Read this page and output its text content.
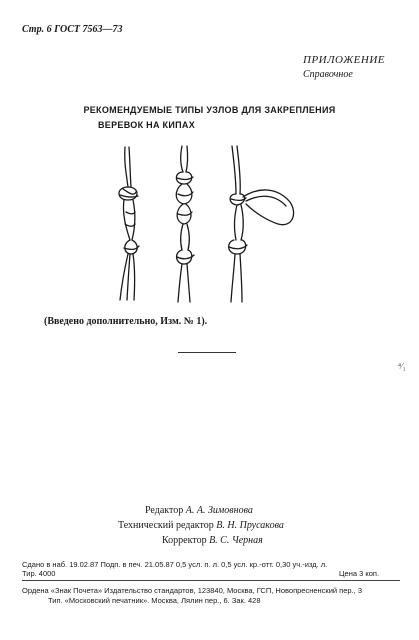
Стр. 6 ГОСТ 7563—73
ПРИЛОЖЕНИЕ
Справочное
РЕКОМЕНДУЕМЫЕ ТИПЫ УЗЛОВ ДЛЯ ЗАКРЕПЛЕНИЯ
ВЕРЕВОК НА КИПАХ
(Введено дополнительно, Изм. № 1).
⁴⁄₁
Редактор А. А. Зимовнова
Технический редактор В. Н. Прусакова
Корректор В. С. Черная
Сдано в наб. 19.02.87 Подп. в печ. 21.05.87 0,5 усл. п. л. 0,5 усл. кр.-отт. 0,30 уч.-изд. л.
Тир. 4000	Цена 3 коп.
Ордена «Знак Почета» Издательство стандартов, 123840, Москва, ГСП, Новопресненский пер., 3
Тип. «Московский печатник». Москва, Лялин пер., 6. Зак. 428
